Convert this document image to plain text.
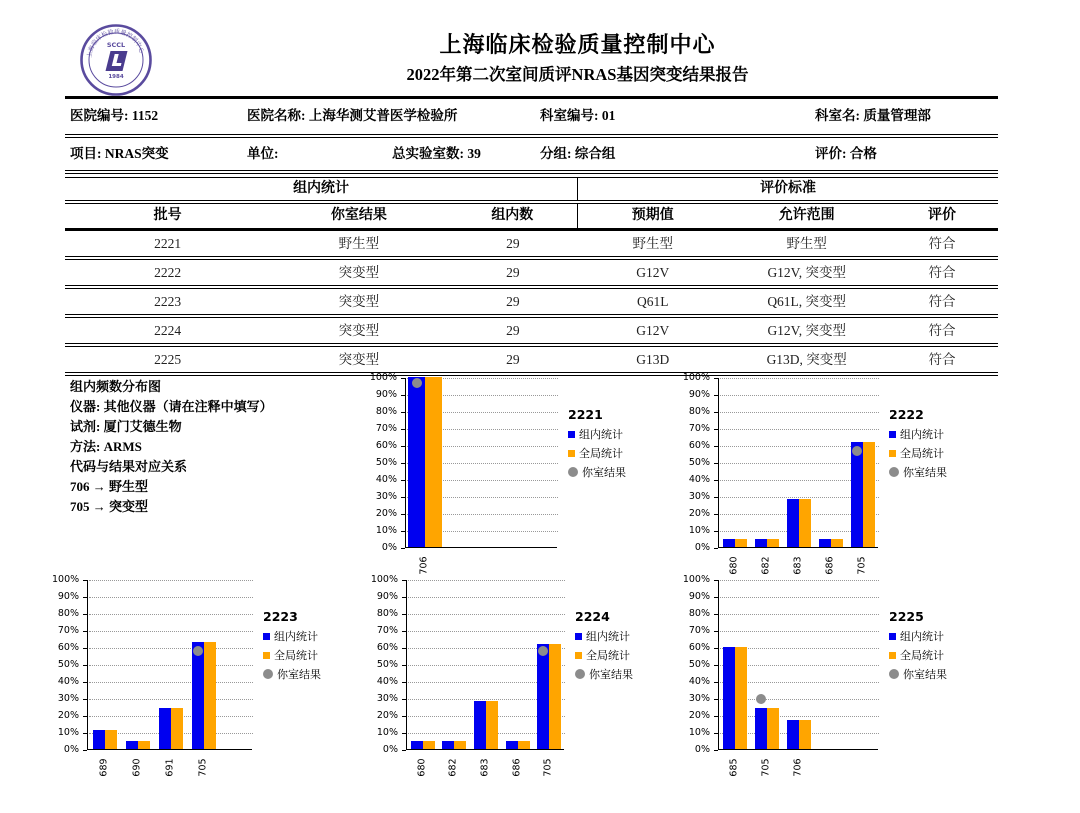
上海临床检验质量控制中心
SCCL
1984
上海临床检验质量控制中心
2022年第二次室间质评NRAS基因突变结果报告
医院编号: 1152	医院名称: 上海华测艾普医学检验所	科室编号: 01	科室名: 质量管理部
项目: NRAS突变	单位:	总实验室数: 39	分组: 综合组	评价: 合格
组内统计	评价标准
批号	你室结果	组内数	预期值	允许范围	评价
2221	野生型	29	野生型	野生型	符合
2222	突变型	29	G12V	G12V, 突变型	符合
2223	突变型	29	Q61L	Q61L, 突变型	符合
2224	突变型	29	G12V	G12V, 突变型	符合
2225	突变型	29	G13D	G13D, 突变型	符合
组内频数分布图
仪器: 其他仪器（请在注释中填写）
试剂: 厦门艾德生物
方法: ARMS
代码与结果对应关系
706 → 野生型
705 → 突变型
0%
10%
20%
30%
40%
50%
60%
70%
80%
90%
100%
706
2221
组内统计
全局统计
你室结果
0%
10%
20%
30%
40%
50%
60%
70%
80%
90%
100%
680 682 683 686 705
2222
组内统计
全局统计
你室结果
0%
10%
20%
30%
40%
50%
60%
70%
80%
90%
100%
689 690 691 705
2223
组内统计
全局统计
你室结果
0%
10%
20%
30%
40%
50%
60%
70%
80%
90%
100%
680 682 683 686 705
2224
组内统计
全局统计
你室结果
0%
10%
20%
30%
40%
50%
60%
70%
80%
90%
100%
685 705 706
2225
组内统计
全局统计
你室结果
